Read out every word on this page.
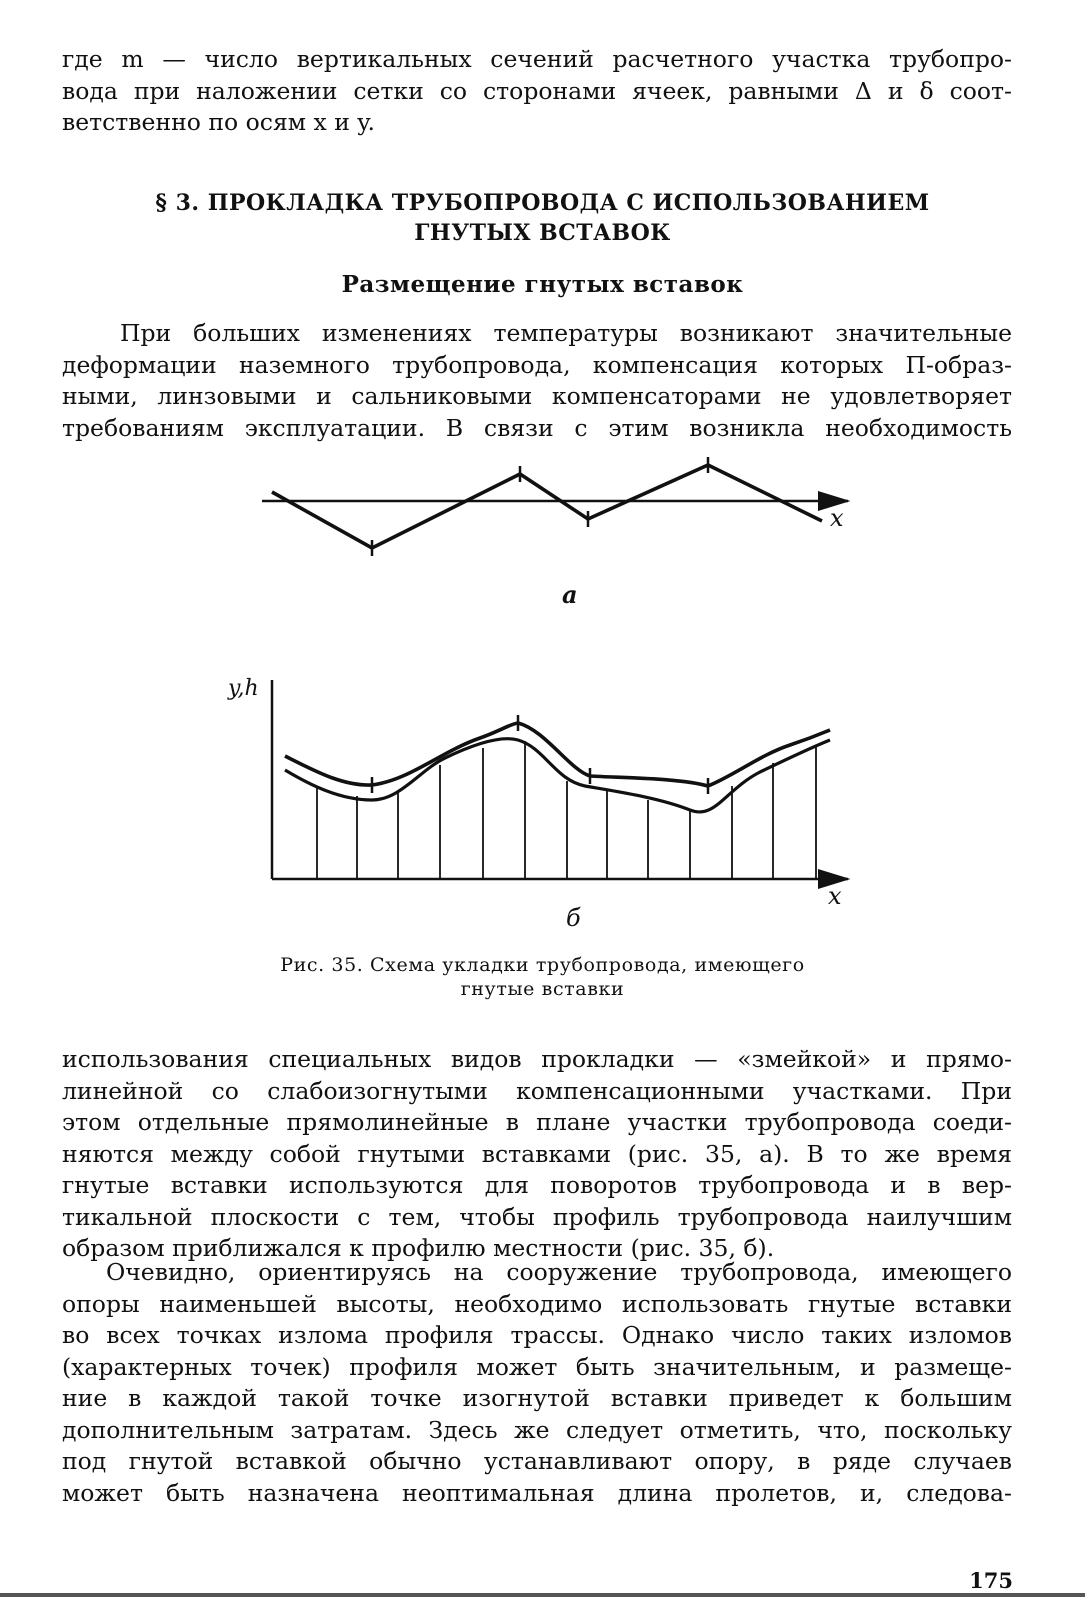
где m — число вертикальных сечений расчетного участка трубопро-
вода при наложении сетки со сторонами ячеек, равными Δ и δ соот-
ветственно по осям x и y.
§ 3. ПРОКЛАДКА ТРУБОПРОВОДА С ИСПОЛЬЗОВАНИЕМ
ГНУТЫХ ВСТАВОК
Размещение гнутых вставок
При больших изменениях температуры возникают значительные
деформации наземного трубопровода, компенсация которых П-образ-
ными, линзовыми и сальниковыми компенсаторами не удовлетворяет
требованиям эксплуатации. В связи с этим возникла необходимость
x
а
y,h
x
б
Рис. 35. Схема укладки трубопровода, имеющего
гнутые вставки
использования специальных видов прокладки — «змейкой» и прямо-
линейной со слабоизогнутыми компенсационными участками. При
этом отдельные прямолинейные в плане участки трубопровода соеди-
няются между собой гнутыми вставками (рис. 35, а). В то же время
гнутые вставки используются для поворотов трубопровода и в вер-
тикальной плоскости с тем, чтобы профиль трубопровода наилучшим
образом приближался к профилю местности (рис. 35, б).
Очевидно, ориентируясь на сооружение трубопровода, имеющего
опоры наименьшей высоты, необходимо использовать гнутые вставки
во всех точках излома профиля трассы. Однако число таких изломов
(характерных точек) профиля может быть значительным, и размеще-
ние в каждой такой точке изогнутой вставки приведет к большим
дополнительным затратам. Здесь же следует отметить, что, поскольку
под гнутой вставкой обычно устанавливают опору, в ряде случаев
может быть назначена неоптимальная длина пролетов, и, следова-
175
